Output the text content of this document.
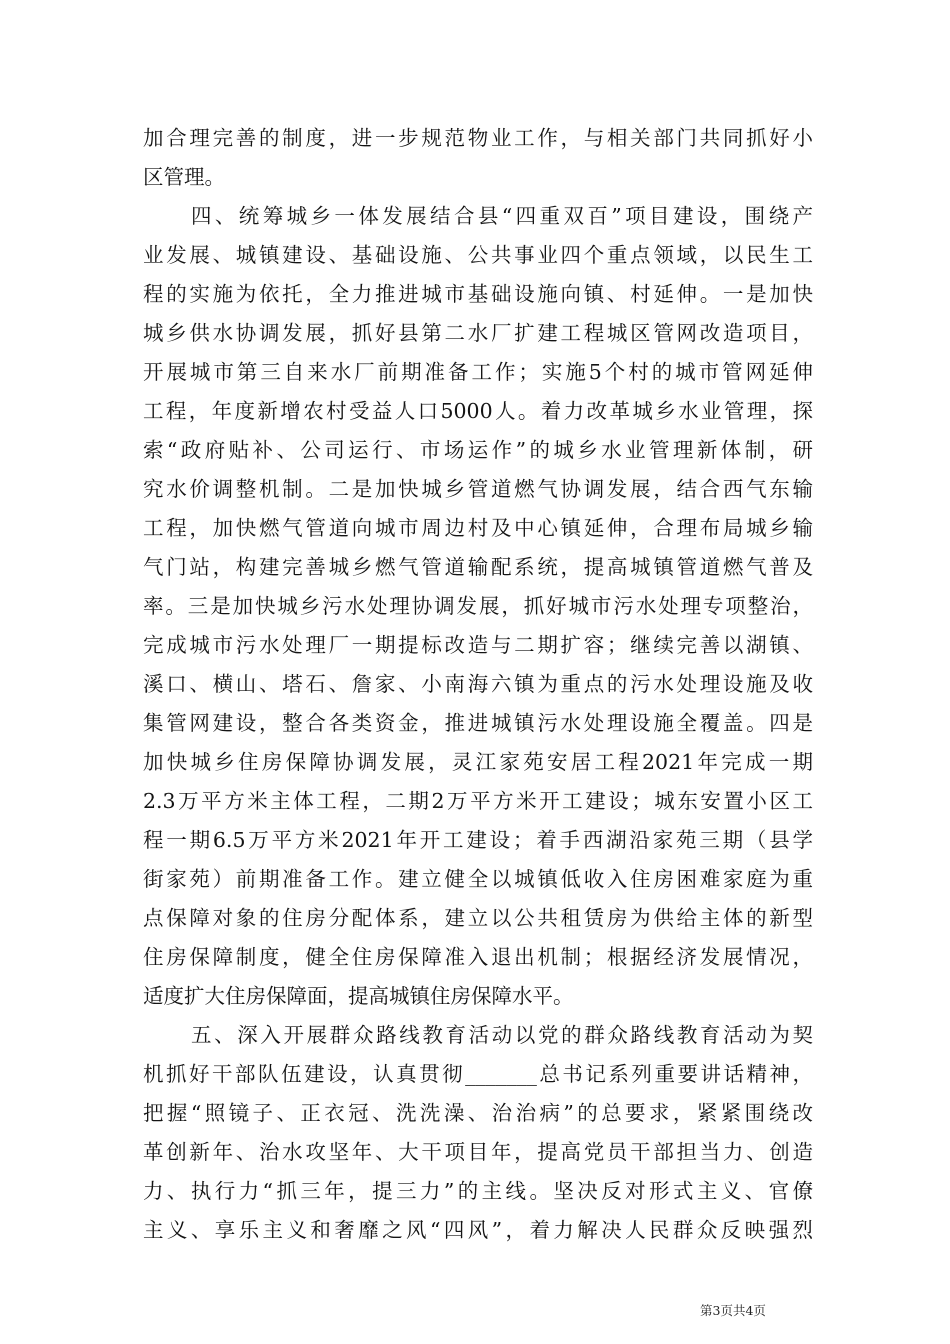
加合理完善的制度，进一步规范物业工作，与相关部门共同抓好小
区管理。
四、统筹城乡一体发展结合县“四重双百”项目建设，围绕产
业发展、城镇建设、基础设施、公共事业四个重点领域，以民生工
程的实施为依托，全力推进城市基础设施向镇、村延伸。一是加快
城乡供水协调发展，抓好县第二水厂扩建工程城区管网改造项目，
开展城市第三自来水厂前期准备工作；实施5个村的城市管网延伸
工程，年度新增农村受益人口5000人。着力改革城乡水业管理，探
索“政府贴补、公司运行、市场运作”的城乡水业管理新体制，研
究水价调整机制。二是加快城乡管道燃气协调发展，结合西气东输
工程，加快燃气管道向城市周边村及中心镇延伸，合理布局城乡输
气门站，构建完善城乡燃气管道输配系统，提高城镇管道燃气普及
率。三是加快城乡污水处理协调发展，抓好城市污水处理专项整治，
完成城市污水处理厂一期提标改造与二期扩容；继续完善以湖镇、
溪口、横山、塔石、詹家、小南海六镇为重点的污水处理设施及收
集管网建设，整合各类资金，推进城镇污水处理设施全覆盖。四是
加快城乡住房保障协调发展，灵江家苑安居工程2021年完成一期
2.3万平方米主体工程，二期2万平方米开工建设；城东安置小区工
程一期6.5万平方米2021年开工建设；着手西湖沿家苑三期（县学
街家苑）前期准备工作。建立健全以城镇低收入住房困难家庭为重
点保障对象的住房分配体系，建立以公共租赁房为供给主体的新型
住房保障制度，健全住房保障准入退出机制；根据经济发展情况，
适度扩大住房保障面，提高城镇住房保障水平。
五、深入开展群众路线教育活动以党的群众路线教育活动为契
机抓好干部队伍建设，认真贯彻_______总书记系列重要讲话精神，
把握“照镜子、正衣冠、洗洗澡、治治病”的总要求，紧紧围绕改
革创新年、治水攻坚年、大干项目年，提高党员干部担当力、创造
力、执行力“抓三年，提三力”的主线。坚决反对形式主义、官僚
主义、享乐主义和奢靡之风“四风”，着力解决人民群众反映强烈
第3页共4页
